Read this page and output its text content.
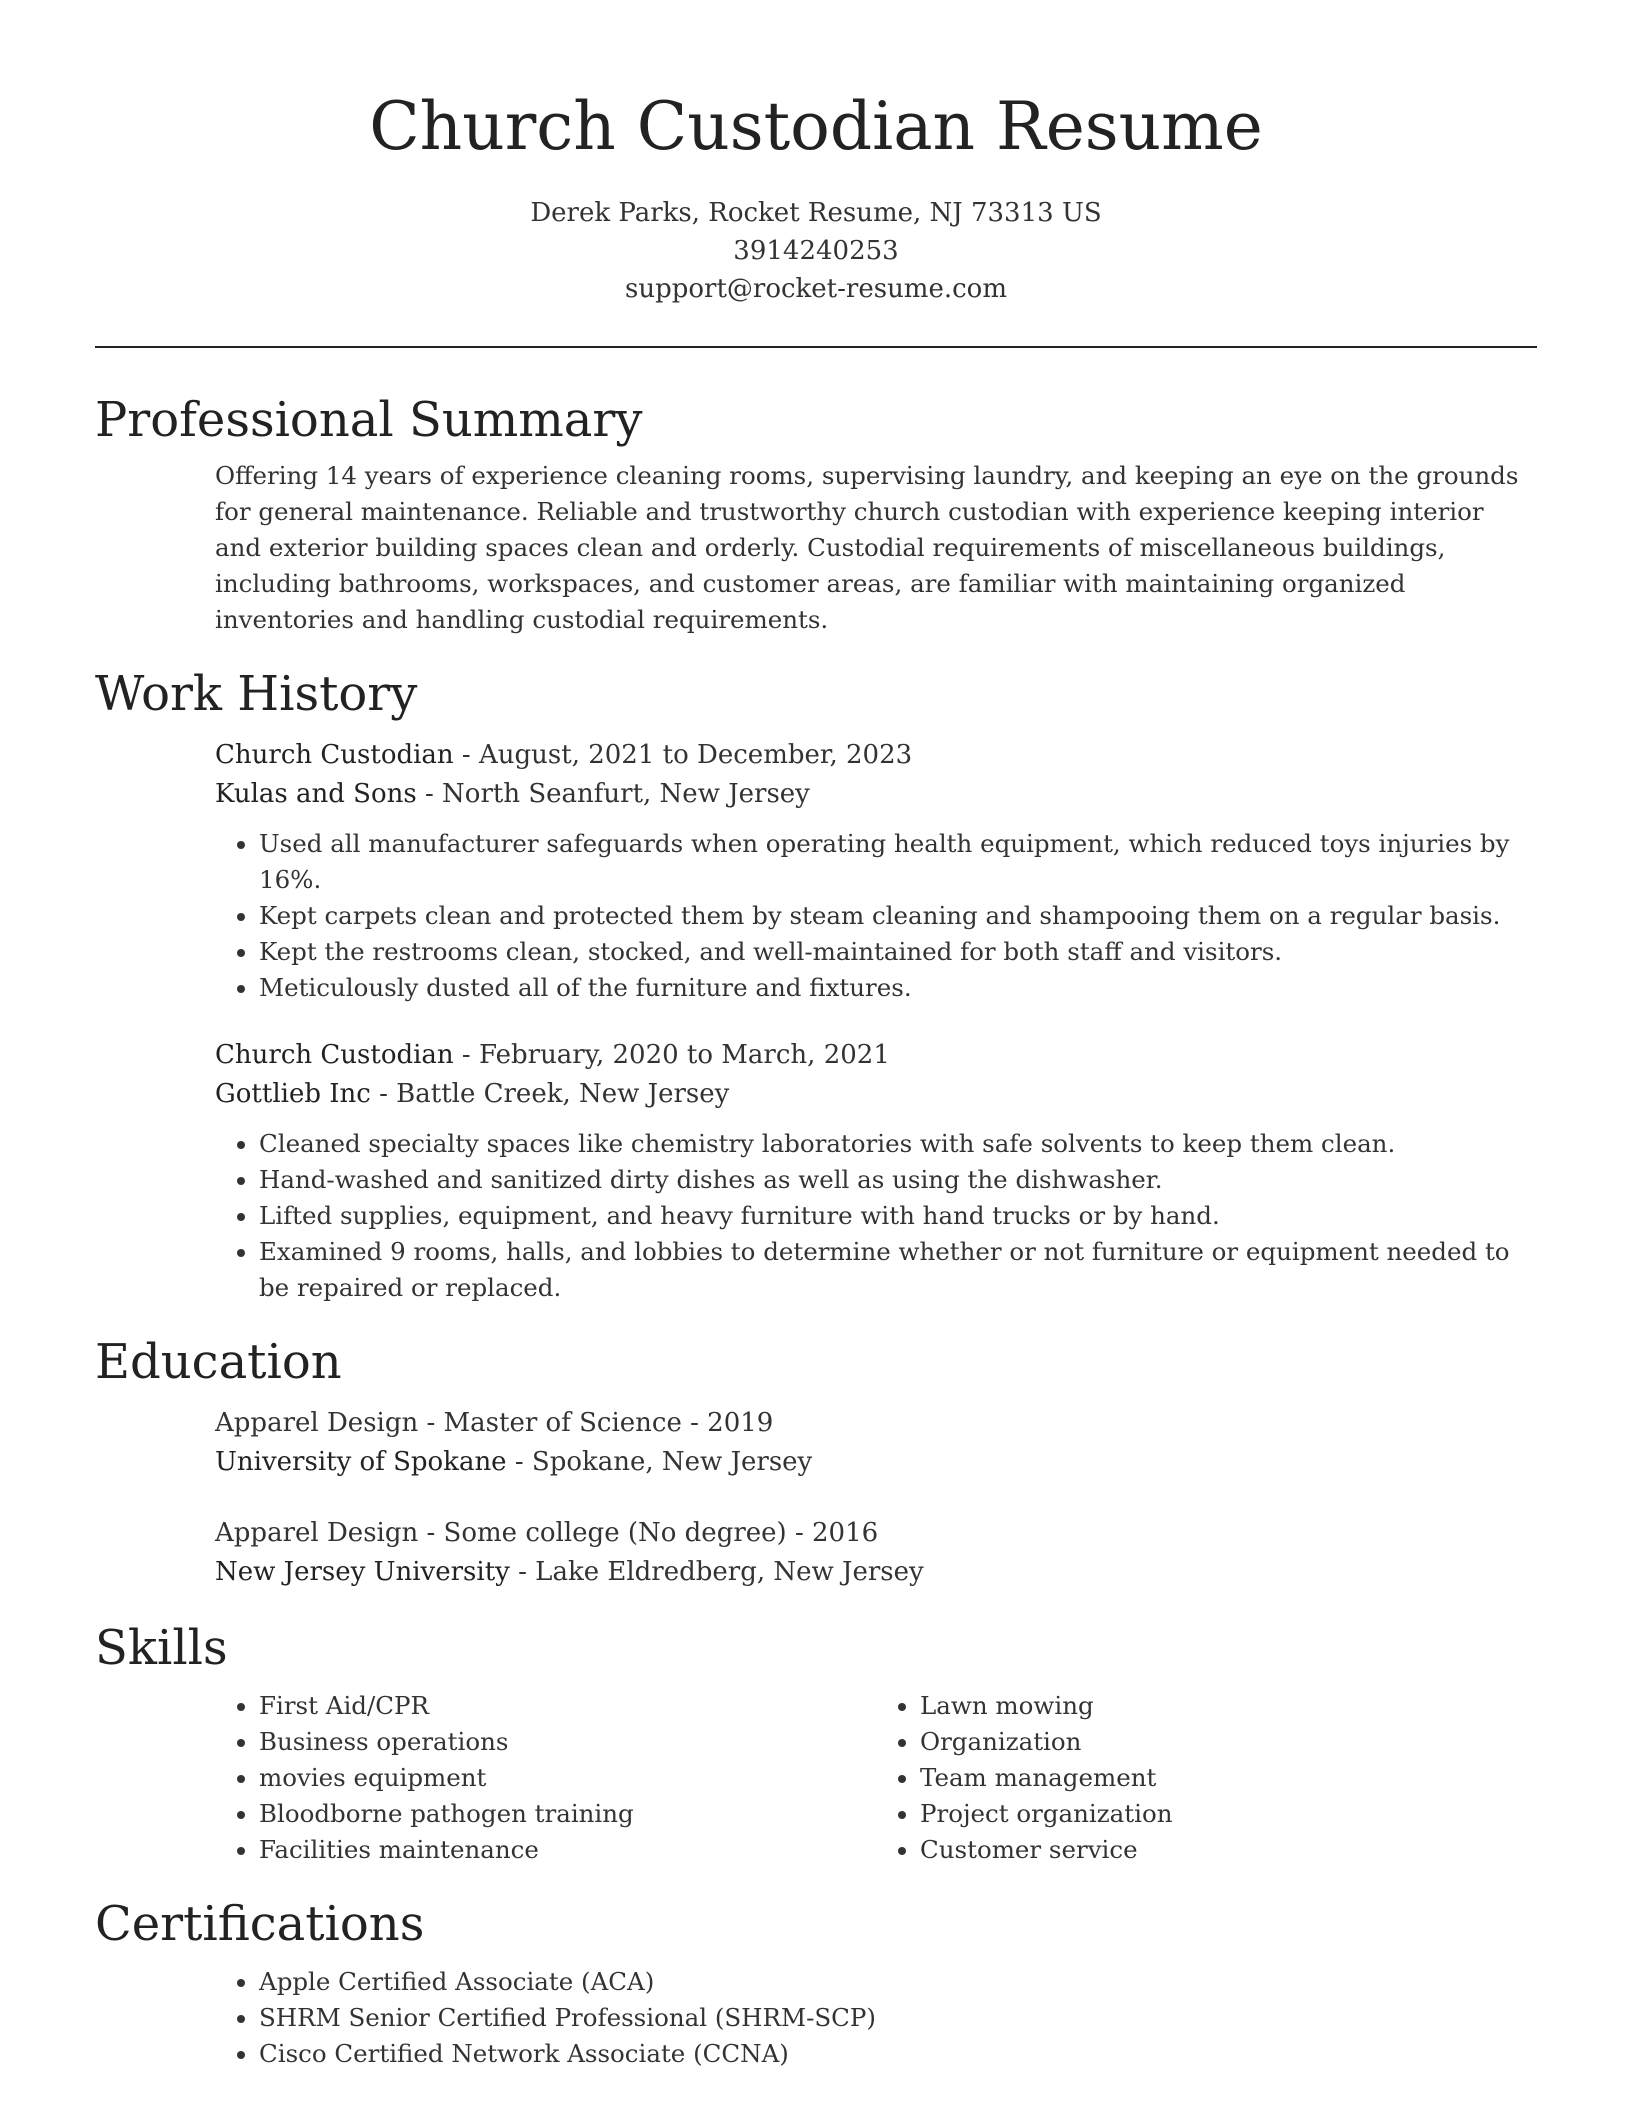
Church Custodian Resume
Derek Parks, Rocket Resume, NJ 73313 US
3914240253
support@rocket-resume.com
Professional Summary

Offering 14 years of experience cleaning rooms, supervising laundry, and keeping an eye on the grounds for general maintenance. Reliable and trustworthy church custodian with experience keeping interior and exterior building spaces clean and orderly. Custodial requirements of miscellaneous buildings, including bathrooms, workspaces, and customer areas, are familiar with maintaining organized inventories and handling custodial requirements.

Work History
Church Custodian - August, 2021 to December, 2023
Kulas and Sons - North Seanfurt, New Jersey
• Used all manufacturer safeguards when operating health equipment, which reduced toys injuries by 16%.
• Kept carpets clean and protected them by steam cleaning and shampooing them on a regular basis.
• Kept the restrooms clean, stocked, and well-maintained for both staff and visitors.
• Meticulously dusted all of the furniture and fixtures.
Church Custodian - February, 2020 to March, 2021
Gottlieb Inc - Battle Creek, New Jersey
• Cleaned specialty spaces like chemistry laboratories with safe solvents to keep them clean.
• Hand-washed and sanitized dirty dishes as well as using the dishwasher.
• Lifted supplies, equipment, and heavy furniture with hand trucks or by hand.
• Examined 9 rooms, halls, and lobbies to determine whether or not furniture or equipment needed to be repaired or replaced.
Education
Apparel Design - Master of Science - 2019
University of Spokane - Spokane, New Jersey
Apparel Design - Some college (No degree) - 2016
New Jersey University - Lake Eldredberg, New Jersey
Skills
• First Aid/CPR
• Business operations
• movies equipment
• Bloodborne pathogen training
• Facilities maintenance
• Lawn mowing
• Organization
• Team management
• Project organization
• Customer service
Certifications
• Apple Certified Associate (ACA)
• SHRM Senior Certified Professional (SHRM-SCP)
• Cisco Certified Network Associate (CCNA)
